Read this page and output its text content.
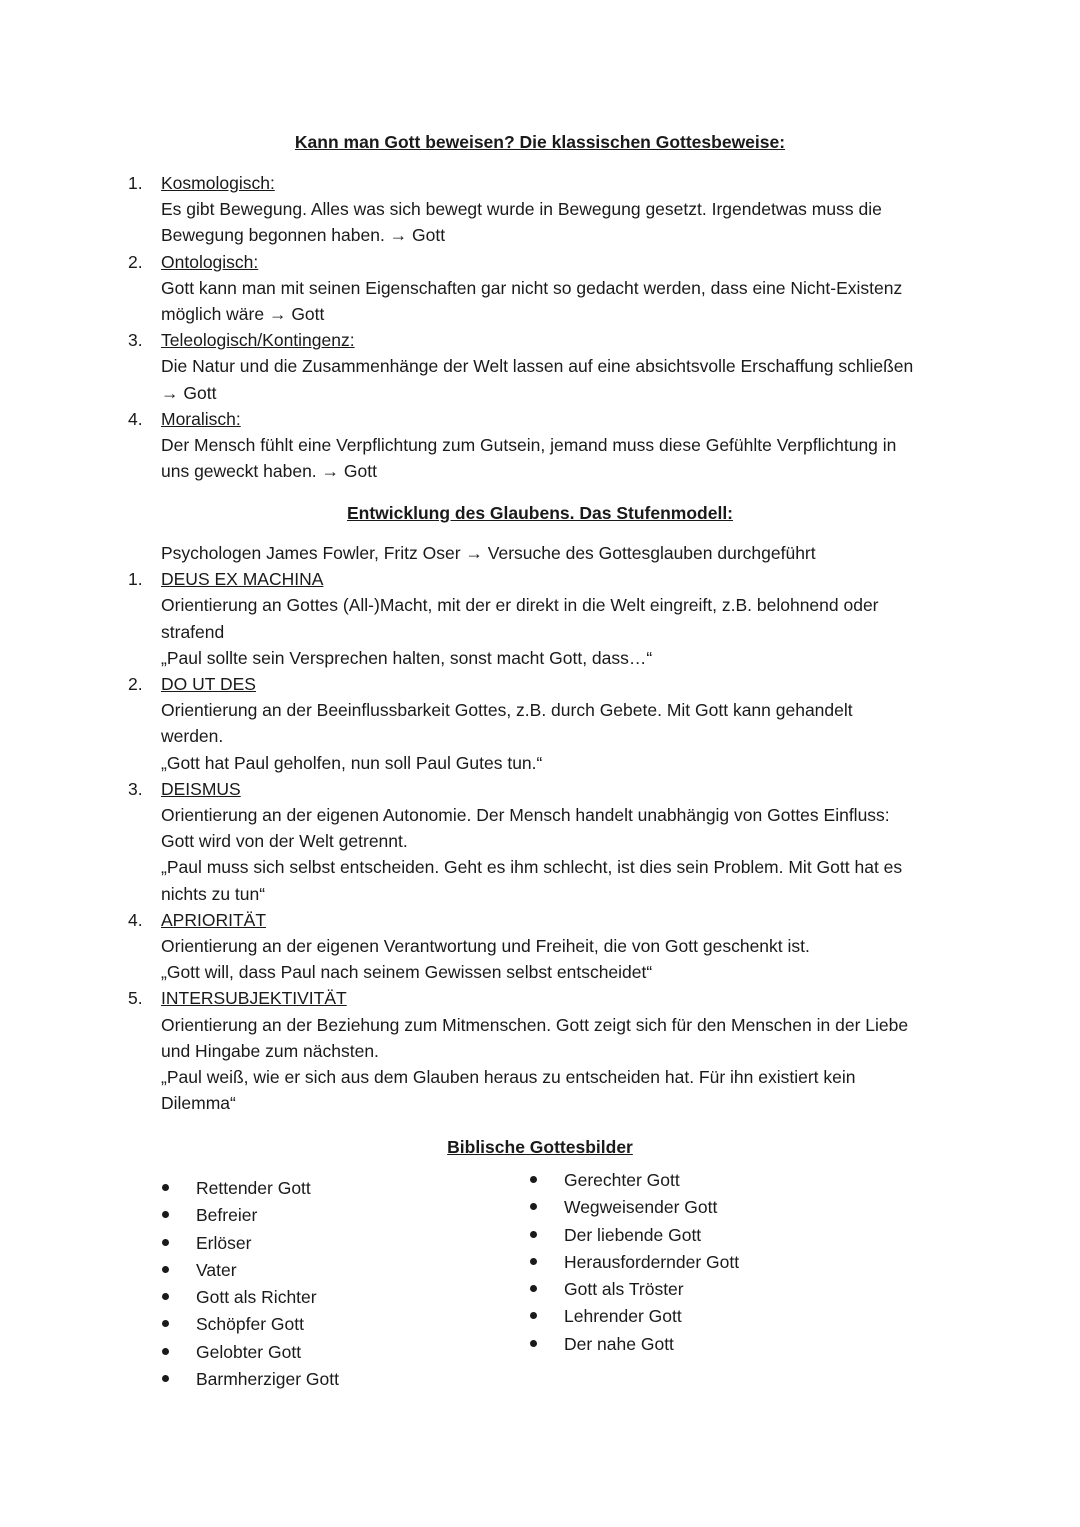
Kann man Gott beweisen? Die klassischen Gottesbeweise:
1. Kosmologisch:
Es gibt Bewegung. Alles was sich bewegt wurde in Bewegung gesetzt. Irgendetwas muss die
Bewegung begonnen haben. → Gott
2. Ontologisch:
Gott kann man mit seinen Eigenschaften gar nicht so gedacht werden, dass eine Nicht-Existenz
möglich wäre → Gott
3. Teleologisch/Kontingenz:
Die Natur und die Zusammenhänge der Welt lassen auf eine absichtsvolle Erschaffung schließen
→ Gott
4. Moralisch:
Der Mensch fühlt eine Verpflichtung zum Gutsein, jemand muss diese Gefühlte Verpflichtung in
uns geweckt haben. → Gott
Entwicklung des Glaubens. Das Stufenmodell:
Psychologen James Fowler, Fritz Oser → Versuche des Gottesglauben durchgeführt
1. DEUS EX MACHINA
Orientierung an Gottes (All-)Macht, mit der er direkt in die Welt eingreift, z.B. belohnend oder
strafend
„Paul sollte sein Versprechen halten, sonst macht Gott, dass…“
2. DO UT DES
Orientierung an der Beeinflussbarkeit Gottes, z.B. durch Gebete. Mit Gott kann gehandelt
werden.
„Gott hat Paul geholfen, nun soll Paul Gutes tun.“
3. DEISMUS
Orientierung an der eigenen Autonomie. Der Mensch handelt unabhängig von Gottes Einfluss:
Gott wird von der Welt getrennt.
„Paul muss sich selbst entscheiden. Geht es ihm schlecht, ist dies sein Problem. Mit Gott hat es
nichts zu tun“
4. APRIORITÄT
Orientierung an der eigenen Verantwortung und Freiheit, die von Gott geschenkt ist.
„Gott will, dass Paul nach seinem Gewissen selbst entscheidet“
5. INTERSUBJEKTIVITÄT
Orientierung an der Beziehung zum Mitmenschen. Gott zeigt sich für den Menschen in der Liebe
und Hingabe zum nächsten.
„Paul weiß, wie er sich aus dem Glauben heraus zu entscheiden hat. Für ihn existiert kein
Dilemma“
Biblische Gottesbilder
Rettender Gott
Befreier
Erlöser
Vater
Gott als Richter
Schöpfer Gott
Gelobter Gott
Barmherziger Gott
Gerechter Gott
Wegweisender Gott
Der liebende Gott
Herausfordernder Gott
Gott als Tröster
Lehrender Gott
Der nahe Gott
